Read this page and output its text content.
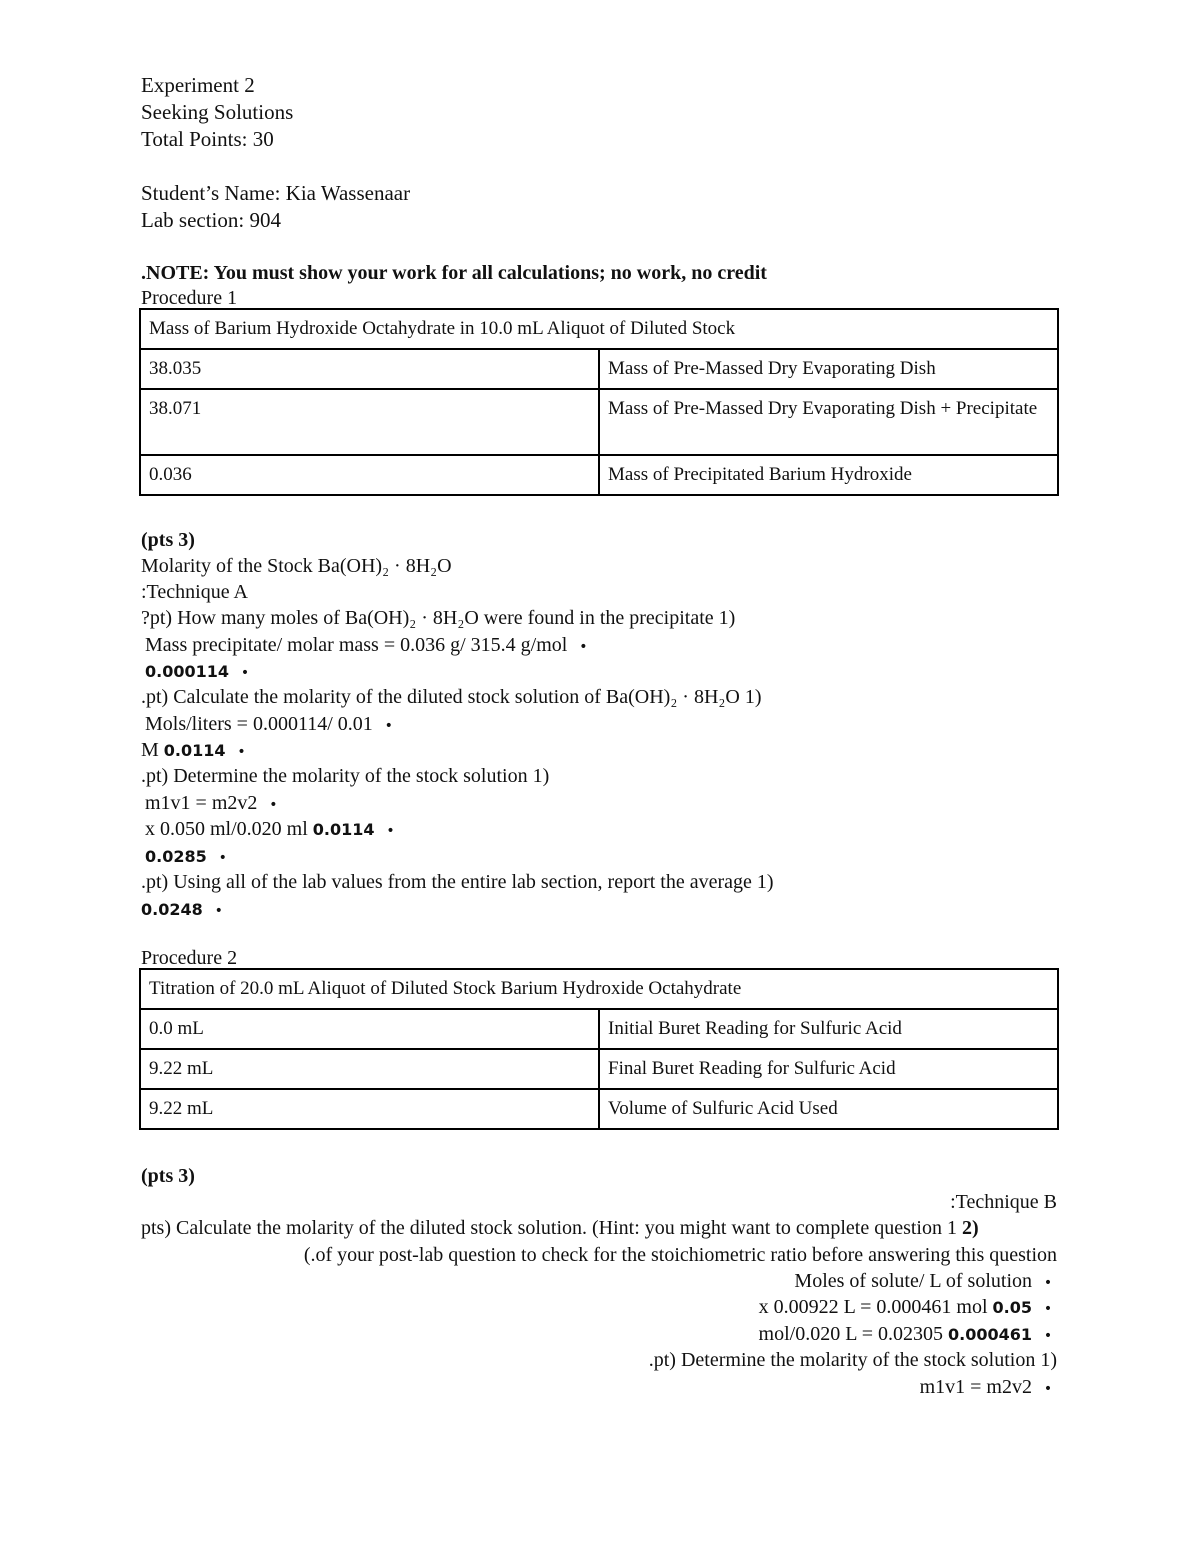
Experiment 2
Seeking Solutions
Total Points: 30
Student’s Name: Kia Wassenaar
Lab section: 904
.NOTE: You must show your work for all calculations; no work, no credit
Procedure 1
Mass of Barium Hydroxide Octahydrate in 10.0 mL Aliquot of Diluted Stock	
38.035	Mass of Pre-Massed Dry Evaporating Dish
38.071	Mass of Pre-Massed Dry Evaporating Dish + Precipitate
0.036	Mass of Precipitated Barium Hydroxide
(pts 3)
Molarity of the Stock Ba(OH)₂ · 8H₂O
:Technique A
?pt) How many moles of Ba(OH)₂ · 8H₂O were found in the precipitate 1)
Mass precipitate/ molar mass = 0.036 g/ 315.4 g/mol •
0.000114 •
.pt) Calculate the molarity of the diluted stock solution of Ba(OH)₂ · 8H₂O 1)
Mols/liters = 0.000114/ 0.01 •
M 0.0114 •
.pt) Determine the molarity of the stock solution 1)
m1v1 = m2v2 •
x 0.050 ml/0.020 ml 0.0114 •
0.0285 •
.pt) Using all of the lab values from the entire lab section, report the average 1)
0.0248 •
Procedure 2
Titration of 20.0 mL Aliquot of Diluted Stock Barium Hydroxide Octahydrate	
0.0 mL	Initial Buret Reading for Sulfuric Acid
9.22 mL	Final Buret Reading for Sulfuric Acid
9.22 mL	Volume of Sulfuric Acid Used
(pts 3)
:Technique B
pts) Calculate the molarity of the diluted stock solution. (Hint: you might want to complete question 1 2)
(.of your post-lab question to check for the stoichiometric ratio before answering this question
Moles of solute/ L of solution •
x 0.00922 L = 0.000461 mol 0.05 •
mol/0.020 L = 0.02305 0.000461 •
.pt) Determine the molarity of the stock solution 1)
m1v1 = m2v2 •
